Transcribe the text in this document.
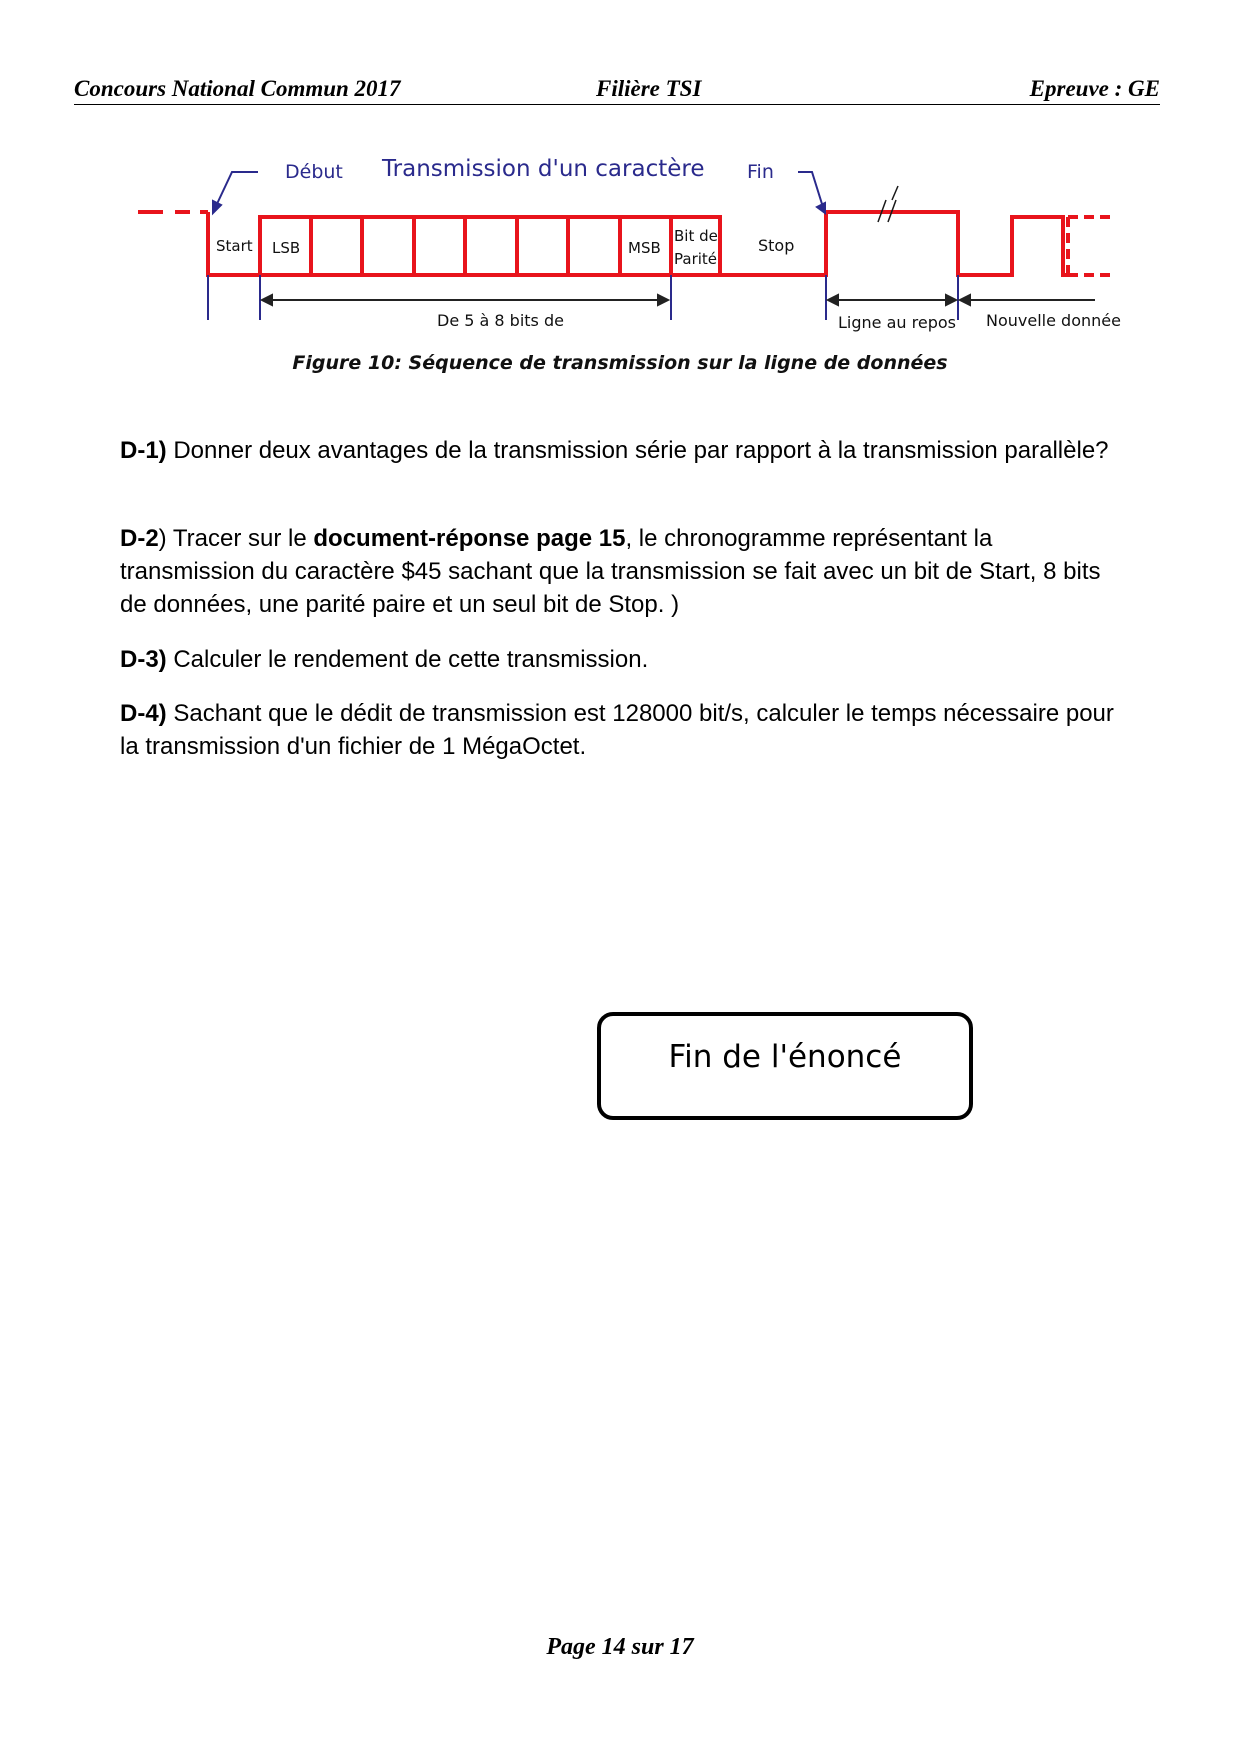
Concours National Commun 2017	Filière TSI	Epreuve : GE
Début Transmission d'un caractère Fin
Start LSB	MSB
Bit de
Parité
Stop
De 5 à 8 bits de	Ligne au repos Nouvelle donnée
Figure 10: Séquence de transmission sur la ligne de données
D-1) Donner deux avantages de la transmission série par rapport à la transmission parallèle?
D-2) Tracer sur le document-réponse page 15, le chronogramme représentant la transmission du caractère $45 sachant que la transmission se fait avec un bit de Start, 8 bits de données, une parité paire et un seul bit de Stop. )
D-3) Calculer le rendement de cette transmission.
D-4) Sachant que le dédit de transmission est 128000 bit/s, calculer le temps nécessaire pour la transmission d'un fichier de 1 MégaOctet.
Fin de l'énoncé
Page 14 sur 17
